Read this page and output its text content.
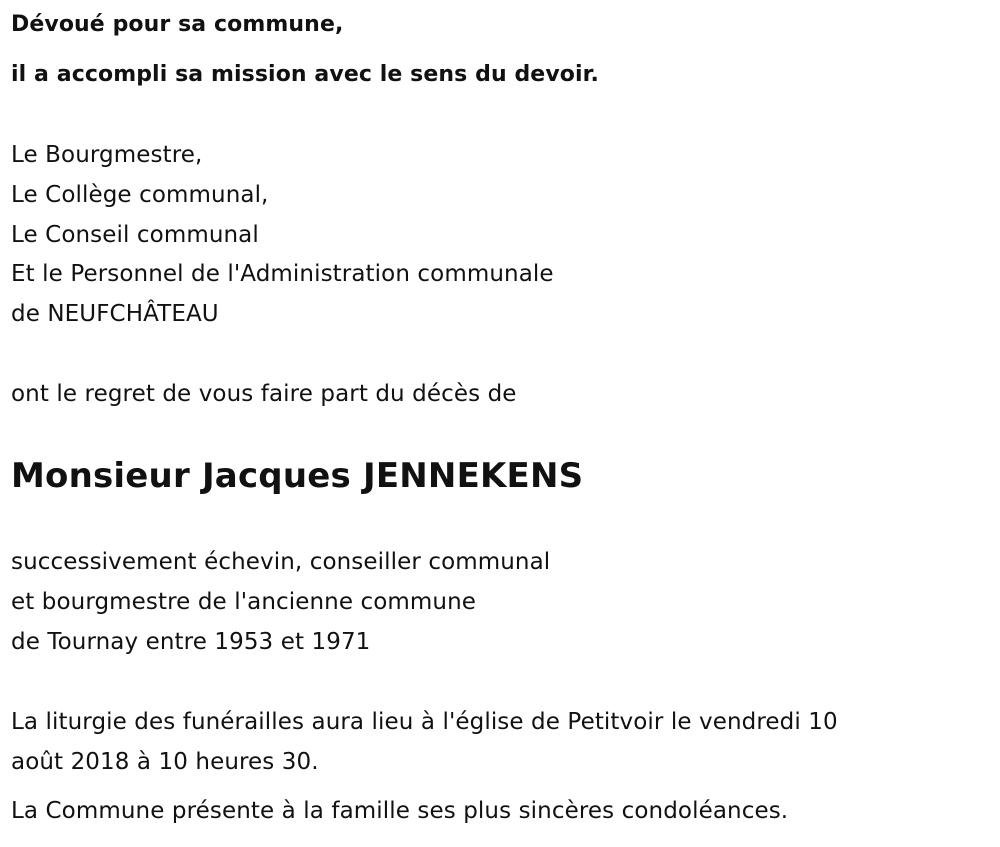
Dévoué pour sa commune,
il a accompli sa mission avec le sens du devoir.
Le Bourgmestre,
Le Collège communal,
Le Conseil communal
Et le Personnel de l'Administration communale
de NEUFCHÂTEAU
ont le regret de vous faire part du décès de
Monsieur Jacques JENNEKENS
successivement échevin, conseiller communal
et bourgmestre de l'ancienne commune
de Tournay entre 1953 et 1971
La liturgie des funérailles aura lieu à l'église de Petitvoir le vendredi 10
août 2018 à 10 heures 30.
La Commune présente à la famille ses plus sincères condoléances.
